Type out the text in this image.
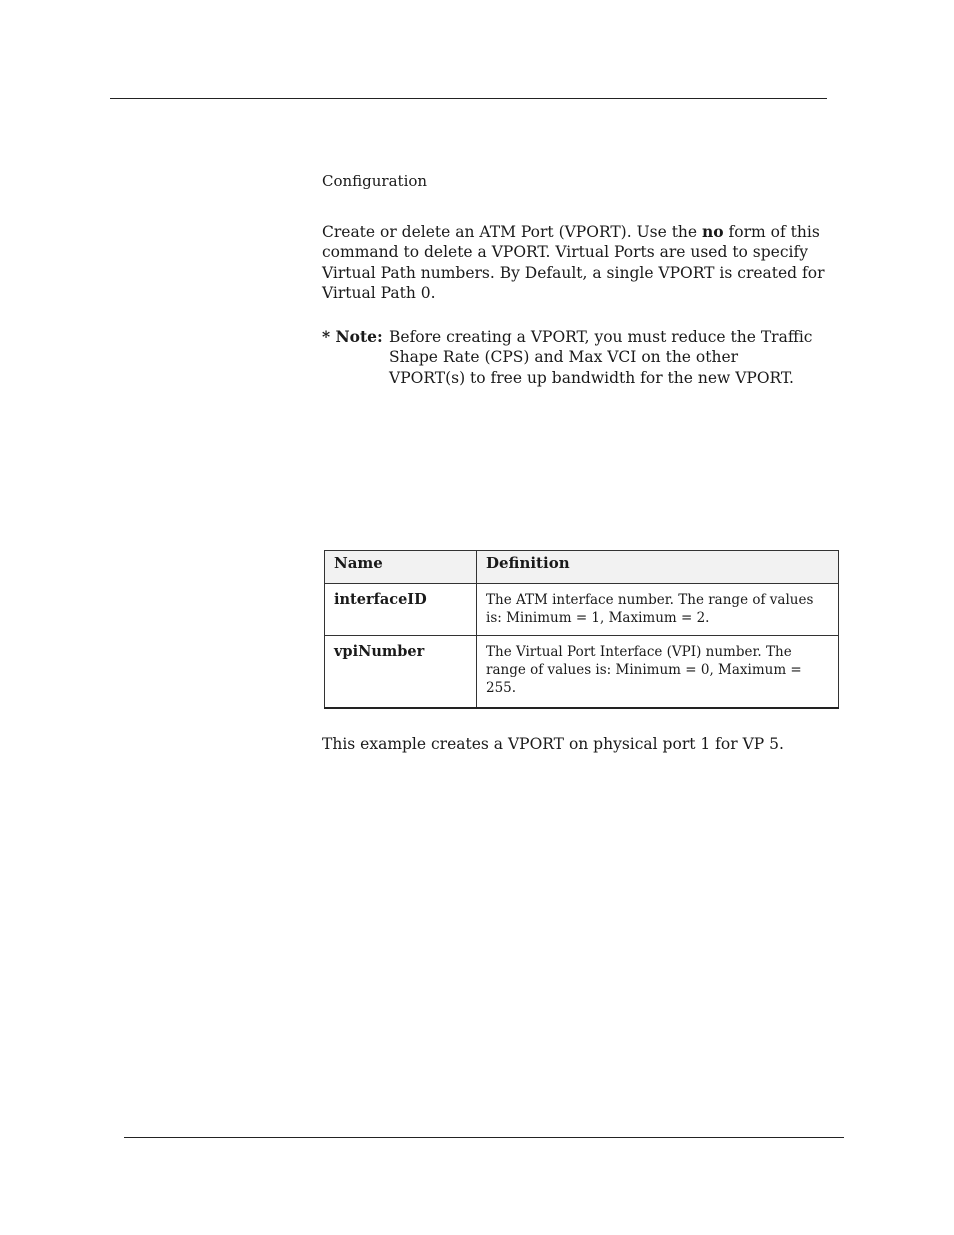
Configuration
Create or delete an ATM Port (VPORT). Use the no form of this command to delete a VPORT. Virtual Ports are used to specify Virtual Path numbers. By Default, a single VPORT is created for Virtual Path 0.
* Note: Before creating a VPORT, you must reduce the Traffic Shape Rate (CPS) and Max VCI on the other VPORT(s) to free up bandwidth for the new VPORT.
Name	Definition
interfaceID	The ATM interface number. The range of values is: Minimum = 1, Maximum = 2.
vpiNumber	The Virtual Port Interface (VPI) number. The range of values is: Minimum = 0, Maximum = 255.
This example creates a VPORT on physical port 1 for VP 5.
